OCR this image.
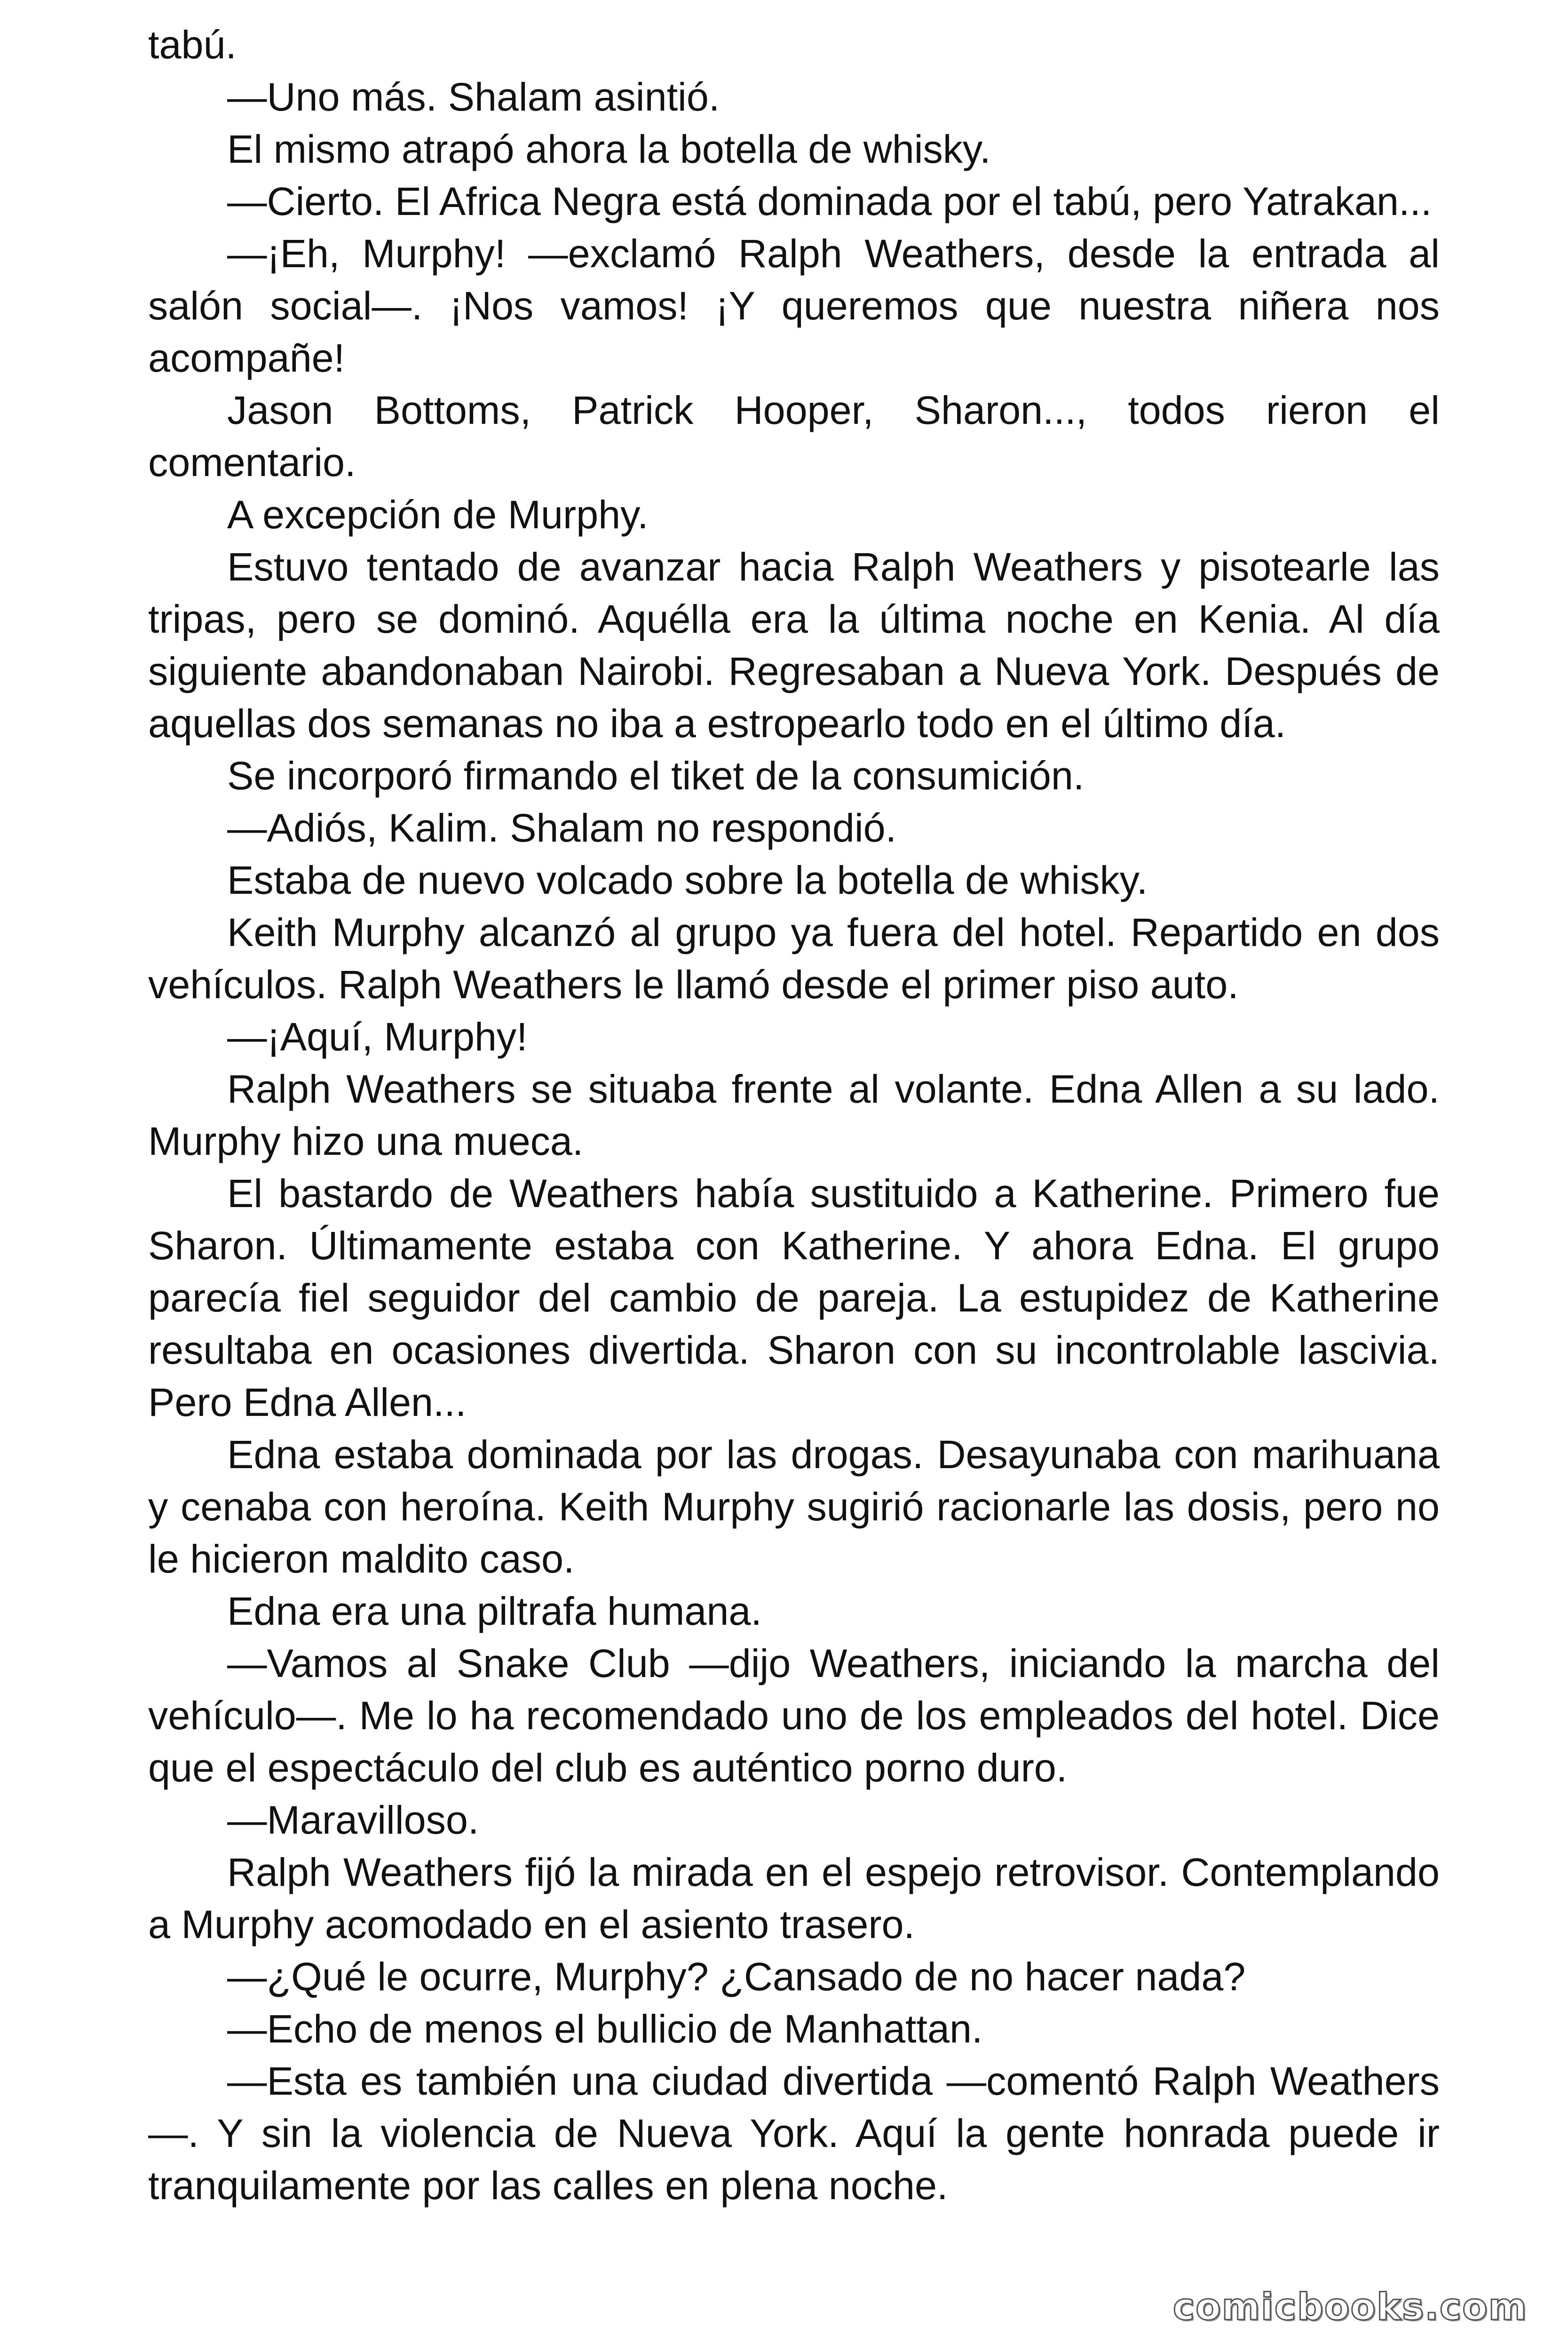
tabú.

—Uno más. Shalam asintió.

El mismo atrapó ahora la botella de whisky.

—Cierto. El Africa Negra está dominada por el tabú, pero Yatrakan...

—¡Eh, Murphy! —exclamó Ralph Weathers, desde la entrada al salón social—. ¡Nos vamos! ¡Y queremos que nuestra niñera nos acompañe!

Jason Bottoms, Patrick Hooper, Sharon..., todos rieron el comentario.

A excepción de Murphy.

Estuvo tentado de avanzar hacia Ralph Weathers y pisotearle las tripas, pero se dominó. Aquélla era la última noche en Kenia. Al día siguiente abandonaban Nairobi. Regresaban a Nueva York. Después de aquellas dos semanas no iba a estropearlo todo en el último día.

Se incorporó firmando el tiket de la consumición.

—Adiós, Kalim. Shalam no respondió.

Estaba de nuevo volcado sobre la botella de whisky.

Keith Murphy alcanzó al grupo ya fuera del hotel. Repartido en dos vehículos. Ralph Weathers le llamó desde el primer piso auto.

—¡Aquí, Murphy!

Ralph Weathers se situaba frente al volante. Edna Allen a su lado. Murphy hizo una mueca.

El bastardo de Weathers había sustituido a Katherine. Primero fue Sharon. Últimamente estaba con Katherine. Y ahora Edna. El grupo parecía fiel seguidor del cambio de pareja. La estupidez de Katherine resultaba en ocasiones divertida. Sharon con su incontrolable lascivia. Pero Edna Allen...

Edna estaba dominada por las drogas. Desayunaba con marihuana y cenaba con heroína. Keith Murphy sugirió racionarle las dosis, pero no le hicieron maldito caso.

Edna era una piltrafa humana.

—Vamos al Snake Club —dijo Weathers, iniciando la marcha del vehículo—. Me lo ha recomendado uno de los empleados del hotel. Dice que el espectáculo del club es auténtico porno duro.

—Maravilloso.

Ralph Weathers fijó la mirada en el espejo retrovisor. Contemplando a Murphy acomodado en el asiento trasero.

—¿Qué le ocurre, Murphy? ¿Cansado de no hacer nada?

—Echo de menos el bullicio de Manhattan.

—Esta es también una ciudad divertida —comentó Ralph Weathers—. Y sin la violencia de Nueva York. Aquí la gente honrada puede ir tranquilamente por las calles en plena noche.

comicbooks.com
